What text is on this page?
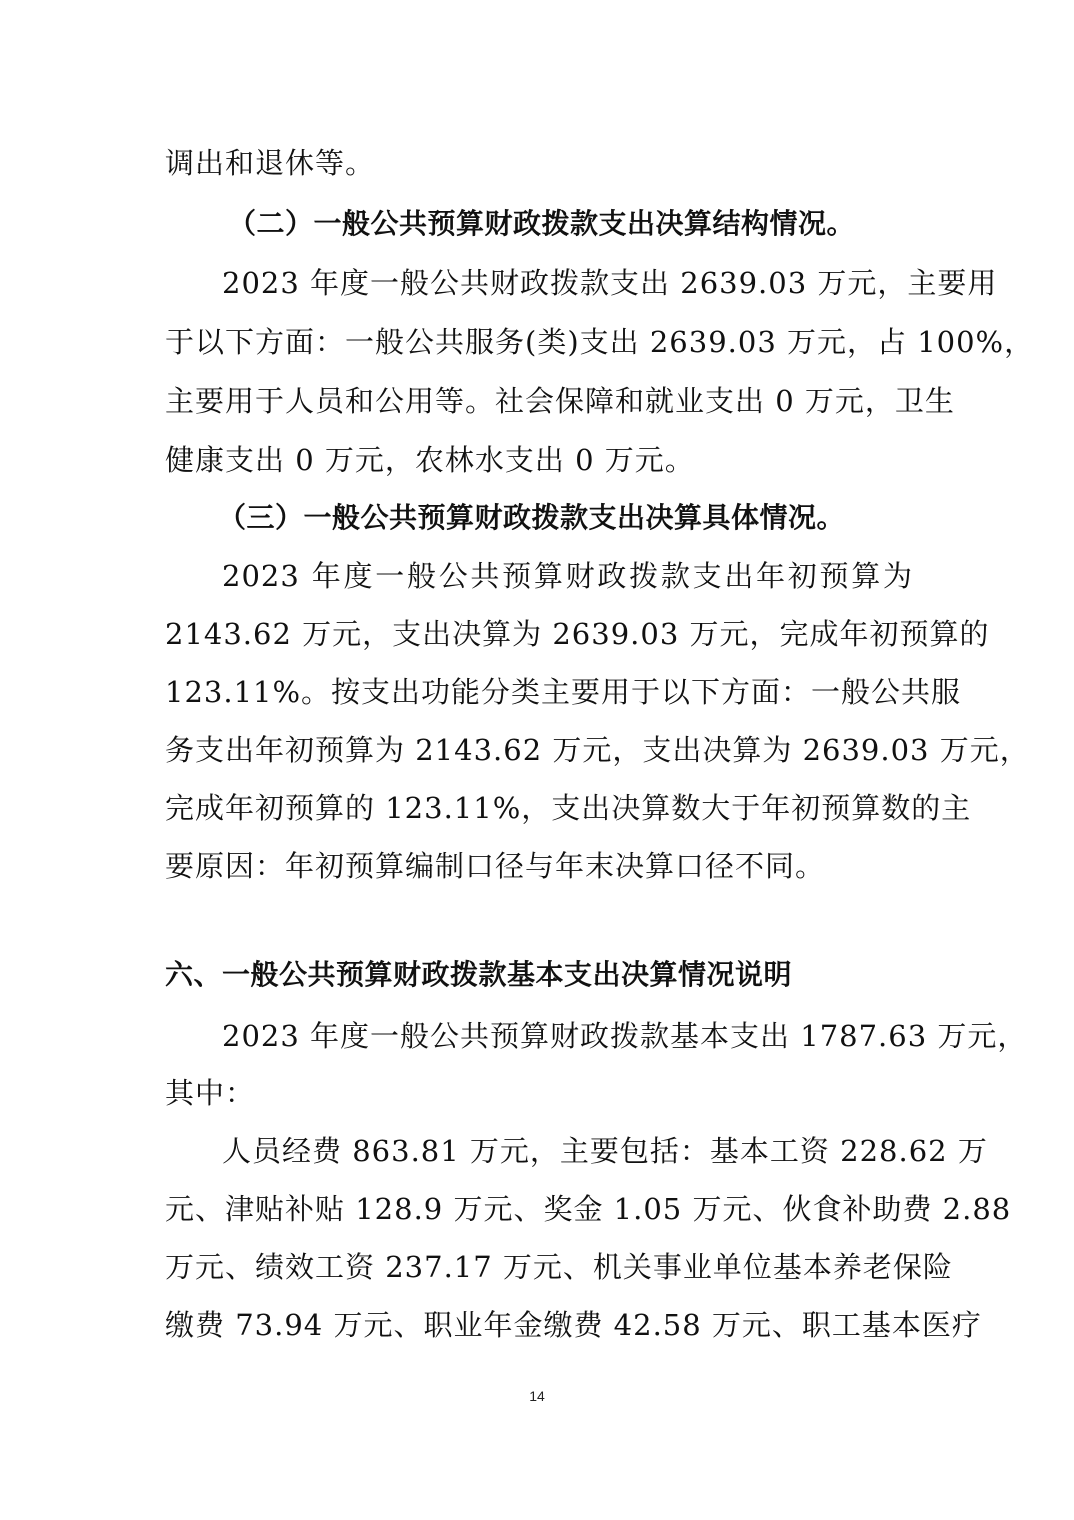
调出和退休等。
（二）一般公共预算财政拨款支出决算结构情况。
2023 年度一般公共财政拨款支出 2639.03 万元，主要用
于以下方面：一般公共服务(类)支出 2639.03 万元，占 100%，
主要用于人员和公用等。社会保障和就业支出 0 万元，卫生
健康支出 0 万元，农林水支出 0 万元。
（三）一般公共预算财政拨款支出决算具体情况。
2023 年度一般公共预算财政拨款支出年初预算为
2143.62 万元，支出决算为 2639.03 万元，完成年初预算的
123.11%。按支出功能分类主要用于以下方面：一般公共服
务支出年初预算为 2143.62 万元，支出决算为 2639.03 万元，
完成年初预算的 123.11%，支出决算数大于年初预算数的主
要原因：年初预算编制口径与年末决算口径不同。
六、一般公共预算财政拨款基本支出决算情况说明
2023 年度一般公共预算财政拨款基本支出 1787.63 万元，
其中：
人员经费 863.81 万元，主要包括：基本工资 228.62 万
元、津贴补贴 128.9 万元、奖金 1.05 万元、伙食补助费 2.88
万元、绩效工资 237.17 万元、机关事业单位基本养老保险
缴费 73.94 万元、职业年金缴费 42.58 万元、职工基本医疗
14
